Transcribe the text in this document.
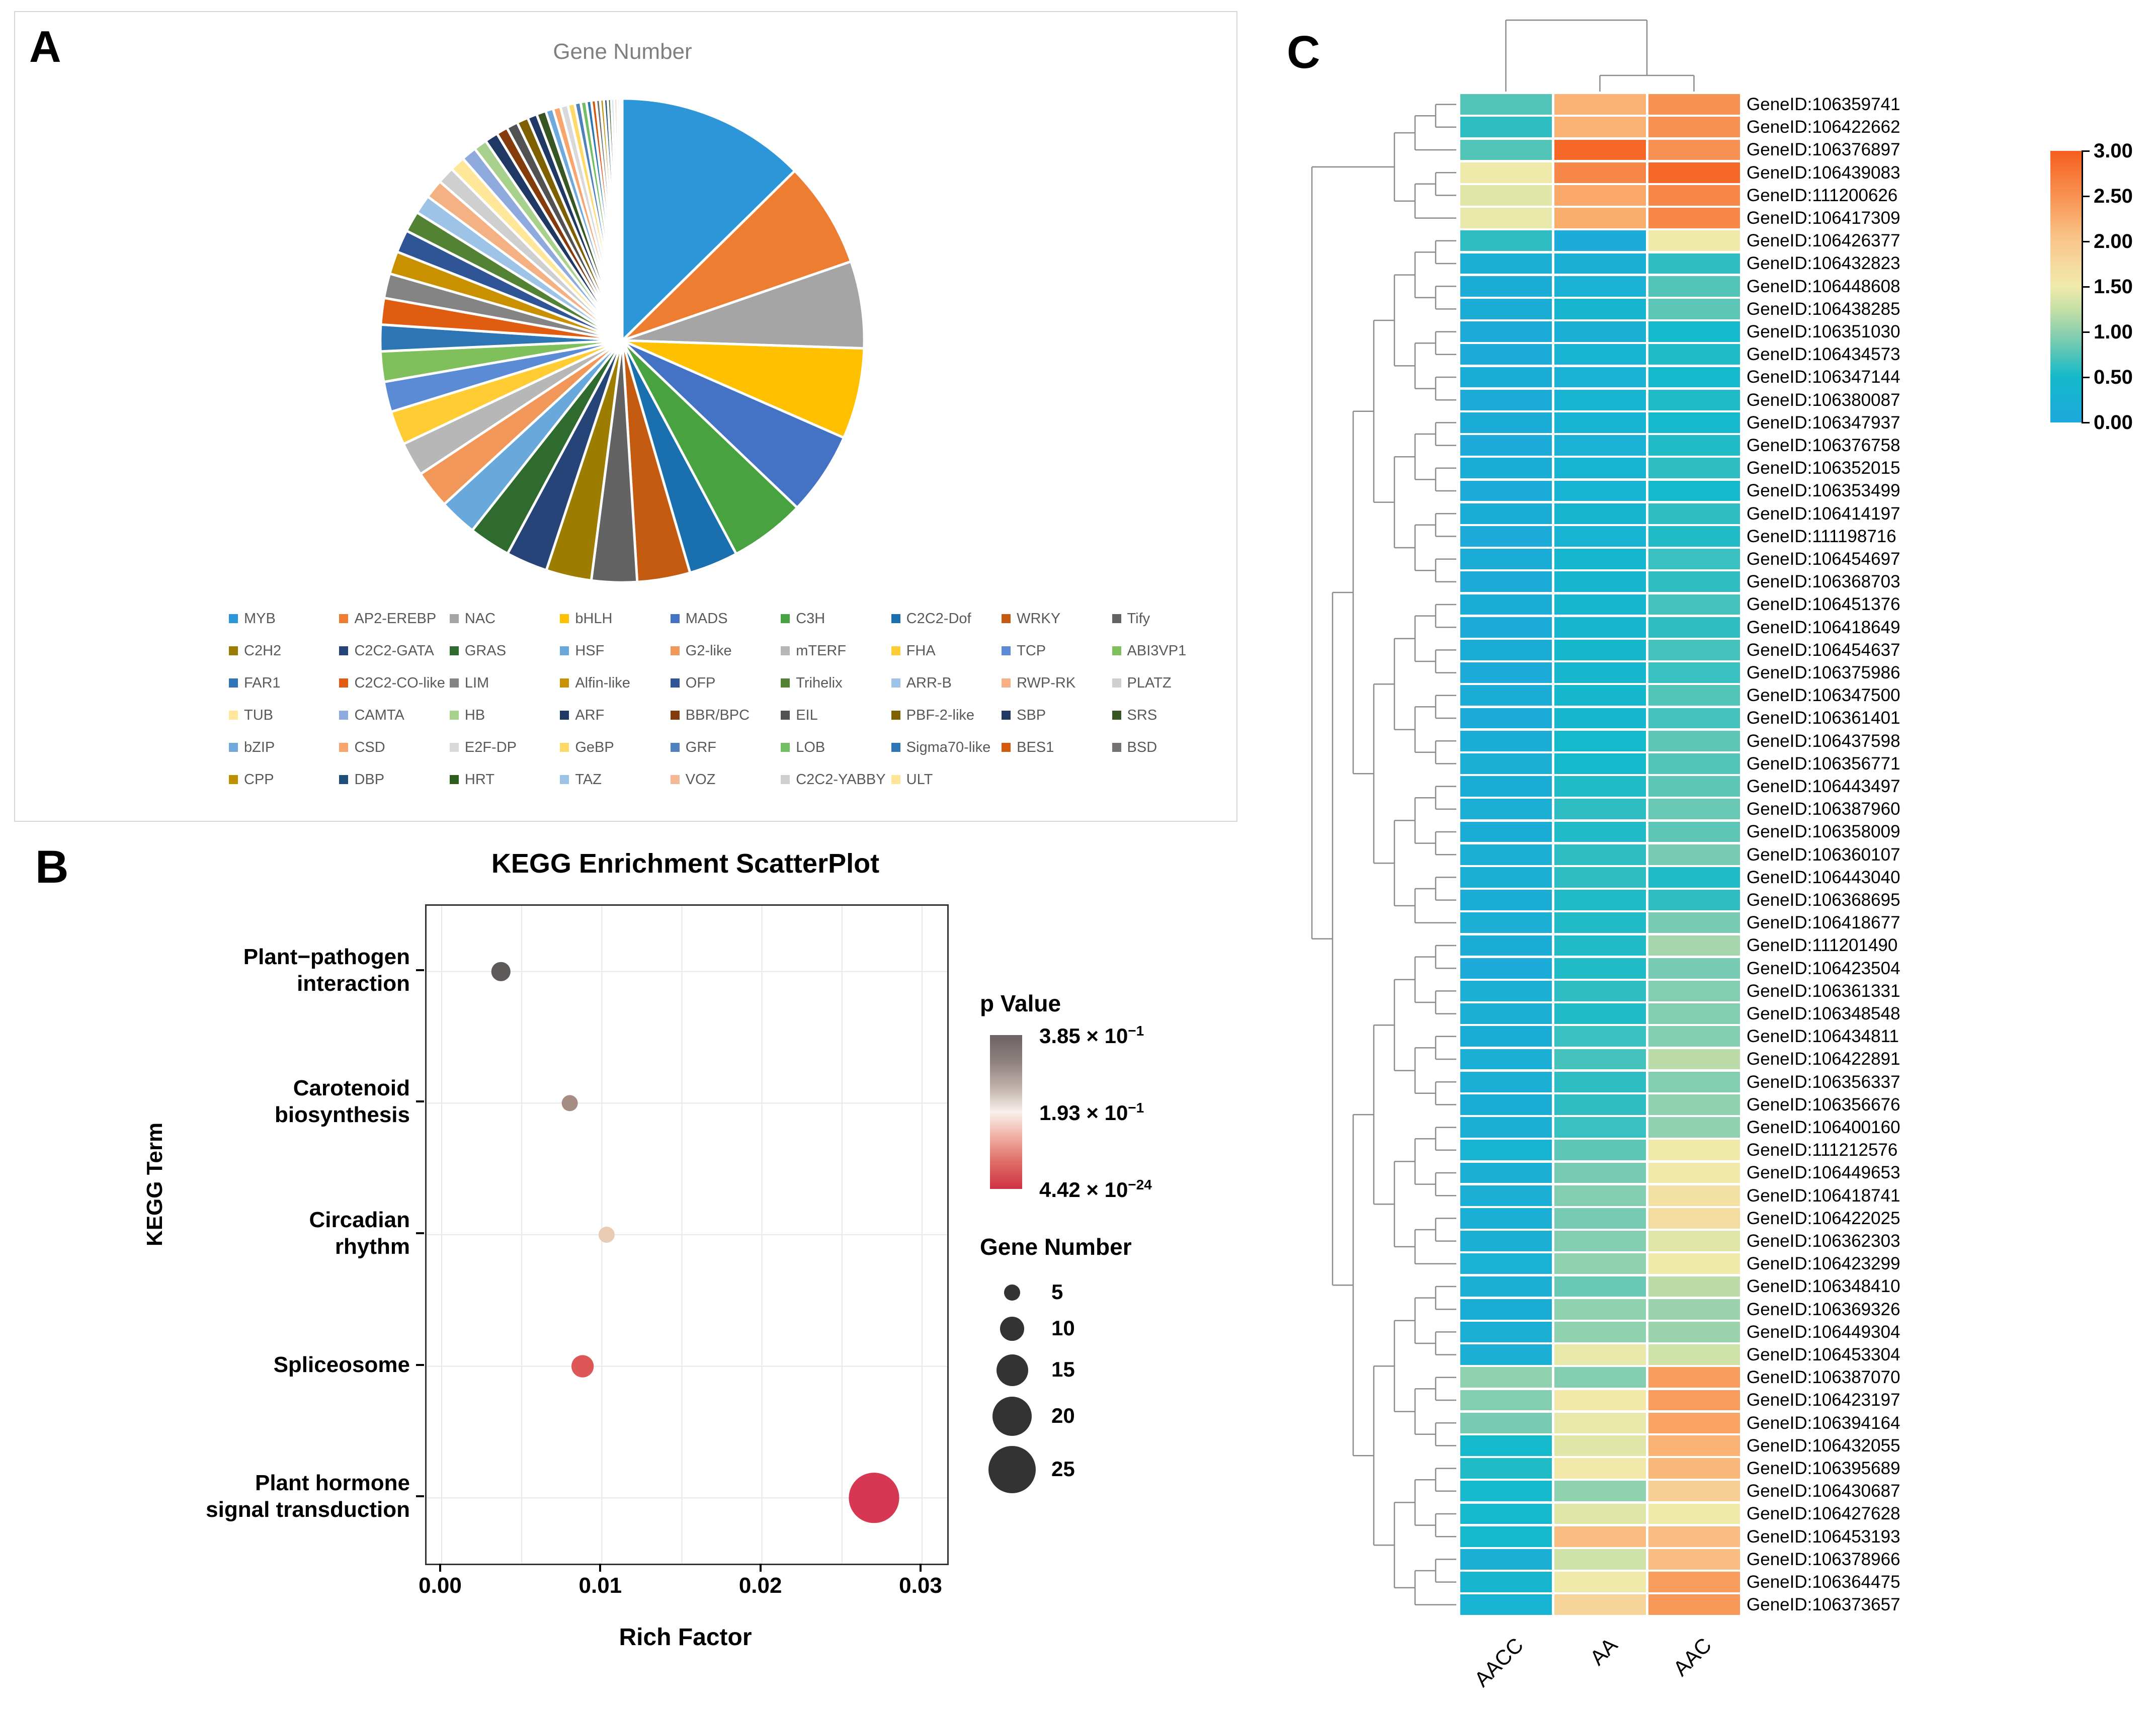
A	Gene Number
MYB	AP2-EREBP NAC	bHLH	MADS	C3H	C2C2-Dof	WRKY	Tify
C2H2	C2C2-GATA GRAS	HSF	G2-like	mTERF	FHA	TCP	ABI3VP1
FAR1	C2C2-CO-like LIM	Alfin-like	OFP	Trihelix	ARR-B	RWP-RK	PLATZ
TUB	CAMTA	HB	ARF	BBR/BPC	EIL	PBF-2-like	SBP	SRS
bZIP	CSD	E2F-DP	GeBP	GRF	LOB	Sigma70-like BES1	BSD
CPP	DBP	HRT	TAZ	VOZ	C2C2-YABBY ULT
B	KEGG Enrichment ScatterPlot
KEGG Term
Plant−pathogen
interaction
Carotenoid
biosynthesis
Circadian
rhythm
Spliceosome
Plant hormone
signal transduction
0.00	0.01	0.02	0.03
Rich Factor
p Value
$3.85 \times 10^{-1}$
$1.93 \times 10^{-1}$
$4.42 \times 10^{-24}$
Gene Number
5
10
15
20
25
C
GeneID:106359741
GeneID:106422662
GeneID:106376897
GeneID:106439083
GeneID:111200626
GeneID:106417309
GeneID:106426377
GeneID:106432823
GeneID:106448608
GeneID:106438285
GeneID:106351030
GeneID:106434573
GeneID:106347144
GeneID:106380087
GeneID:106347937
GeneID:106376758
GeneID:106352015
GeneID:106353499
GeneID:106414197
GeneID:111198716
GeneID:106454697
GeneID:106368703
GeneID:106451376
GeneID:106418649
GeneID:106454637
GeneID:106375986
GeneID:106347500
GeneID:106361401
GeneID:106437598
GeneID:106356771
GeneID:106443497
GeneID:106387960
GeneID:106358009
GeneID:106360107
GeneID:106443040
GeneID:106368695
GeneID:106418677
GeneID:111201490
GeneID:106423504
GeneID:106361331
GeneID:106348548
GeneID:106434811
GeneID:106422891
GeneID:106356337
GeneID:106356676
GeneID:106400160
GeneID:111212576
GeneID:106449653
GeneID:106418741
GeneID:106422025
GeneID:106362303
GeneID:106423299
GeneID:106348410
GeneID:106369326
GeneID:106449304
GeneID:106453304
GeneID:106387070
GeneID:106423197
GeneID:106394164
GeneID:106432055
GeneID:106395689
GeneID:106430687
GeneID:106427628
GeneID:106453193
GeneID:106378966
GeneID:106364475
GeneID:106373657
AACC	AA	AAC
3.00
2.50
2.00
1.50
1.00
0.50
0.00
